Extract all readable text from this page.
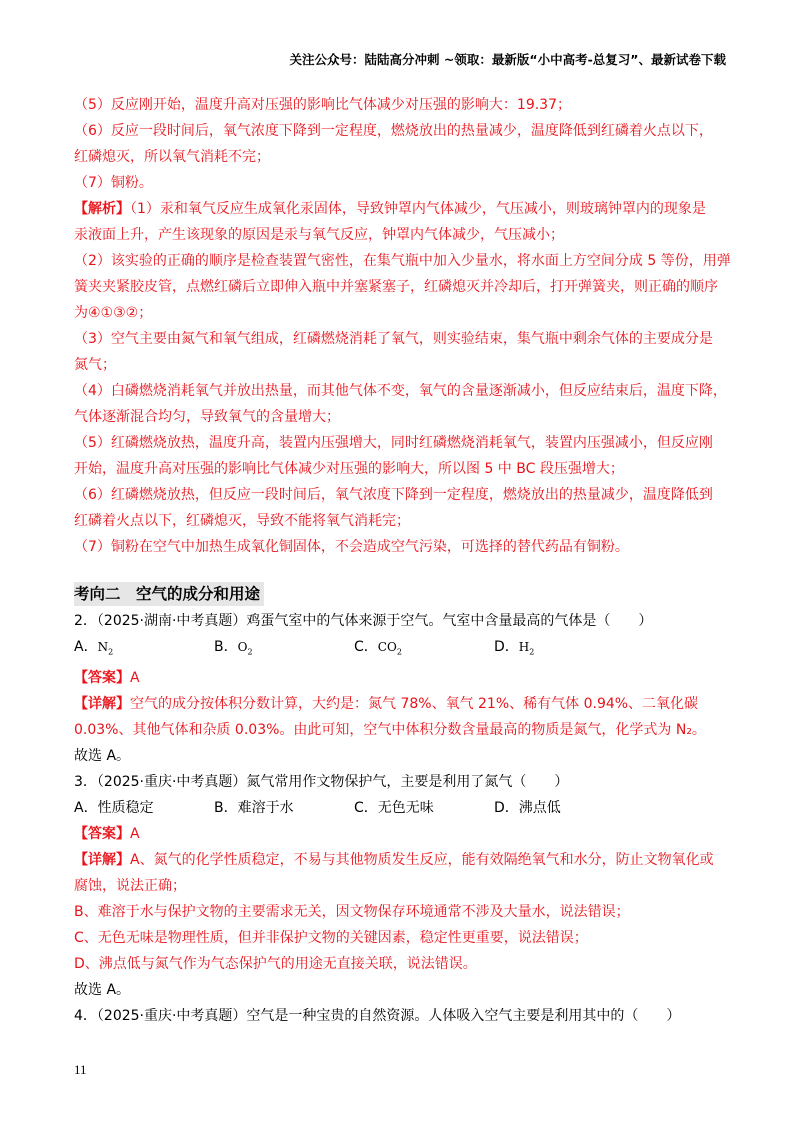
关注公众号：陆陆高分冲刺 ~领取：最新版“小中高考-总复习”、最新试卷下载

（5）反应刚开始，温度升高对压强的影响比气体减少对压强的影响大：19.37；

（6）反应一段时间后，氧气浓度下降到一定程度，燃烧放出的热量减少，温度降低到红磷着火点以下，

红磷熄灭，所以氧气消耗不完；

（7）铜粉。

【解析】（1）汞和氧气反应生成氧化汞固体，导致钟罩内气体减少，气压减小，则玻璃钟罩内的现象是

汞液面上升，产生该现象的原因是汞与氧气反应，钟罩内气体减少，气压减小；

（2）该实验的正确的顺序是检查装置气密性，在集气瓶中加入少量水，将水面上方空间分成 5 等份，用弹

簧夹夹紧胶皮管，点燃红磷后立即伸入瓶中并塞紧塞子，红磷熄灭并冷却后，打开弹簧夹，则正确的顺序

为④①③②；

（3）空气主要由氮气和氧气组成，红磷燃烧消耗了氧气，则实验结束，集气瓶中剩余气体的主要成分是

氮气；

（4）白磷燃烧消耗氧气并放出热量，而其他气体不变，氧气的含量逐渐减小，但反应结束后，温度下降，

气体逐渐混合均匀，导致氧气的含量增大；

（5）红磷燃烧放热，温度升高，装置内压强增大，同时红磷燃烧消耗氧气，装置内压强减小，但反应刚

开始，温度升高对压强的影响比气体减少对压强的影响大，所以图 5 中 BC 段压强增大；

（6）红磷燃烧放热，但反应一段时间后，氧气浓度下降到一定程度，燃烧放出的热量减少，温度降低到

红磷着火点以下，红磷熄灭，导致不能将氧气消耗完；

（7）铜粉在空气中加热生成氧化铜固体，不会造成空气污染，可选择的替代药品有铜粉。

考向二　空气的成分和用途

2．（2025·湖南·中考真题）鸡蛋气室中的气体来源于空气。气室中含量最高的气体是（　　）

A．$N_2$	B．$O_2$	C．$CO_2$	D．$H_2$

【答案】A

【详解】空气的成分按体积分数计算，大约是：氮气 78%、氧气 21%、稀有气体 0.94%、二氧化碳

0.03%、其他气体和杂质 0.03%。由此可知，空气中体积分数含量最高的物质是氮气，化学式为 N₂。

故选 A。

3．（2025·重庆·中考真题）氮气常用作文物保护气，主要是利用了氮气（　　）

A．性质稳定	B．难溶于水	C．无色无味	D．沸点低

【答案】A

【详解】A、氮气的化学性质稳定，不易与其他物质发生反应，能有效隔绝氧气和水分，防止文物氧化或

腐蚀，说法正确；

B、难溶于水与保护文物的主要需求无关，因文物保存环境通常不涉及大量水，说法错误；

C、无色无味是物理性质，但并非保护文物的关键因素，稳定性更重要，说法错误；

D、沸点低与氮气作为气态保护气的用途无直接关联，说法错误。

故选 A。

4．（2025·重庆·中考真题）空气是一种宝贵的自然资源。人体吸入空气主要是利用其中的（　　）

11
